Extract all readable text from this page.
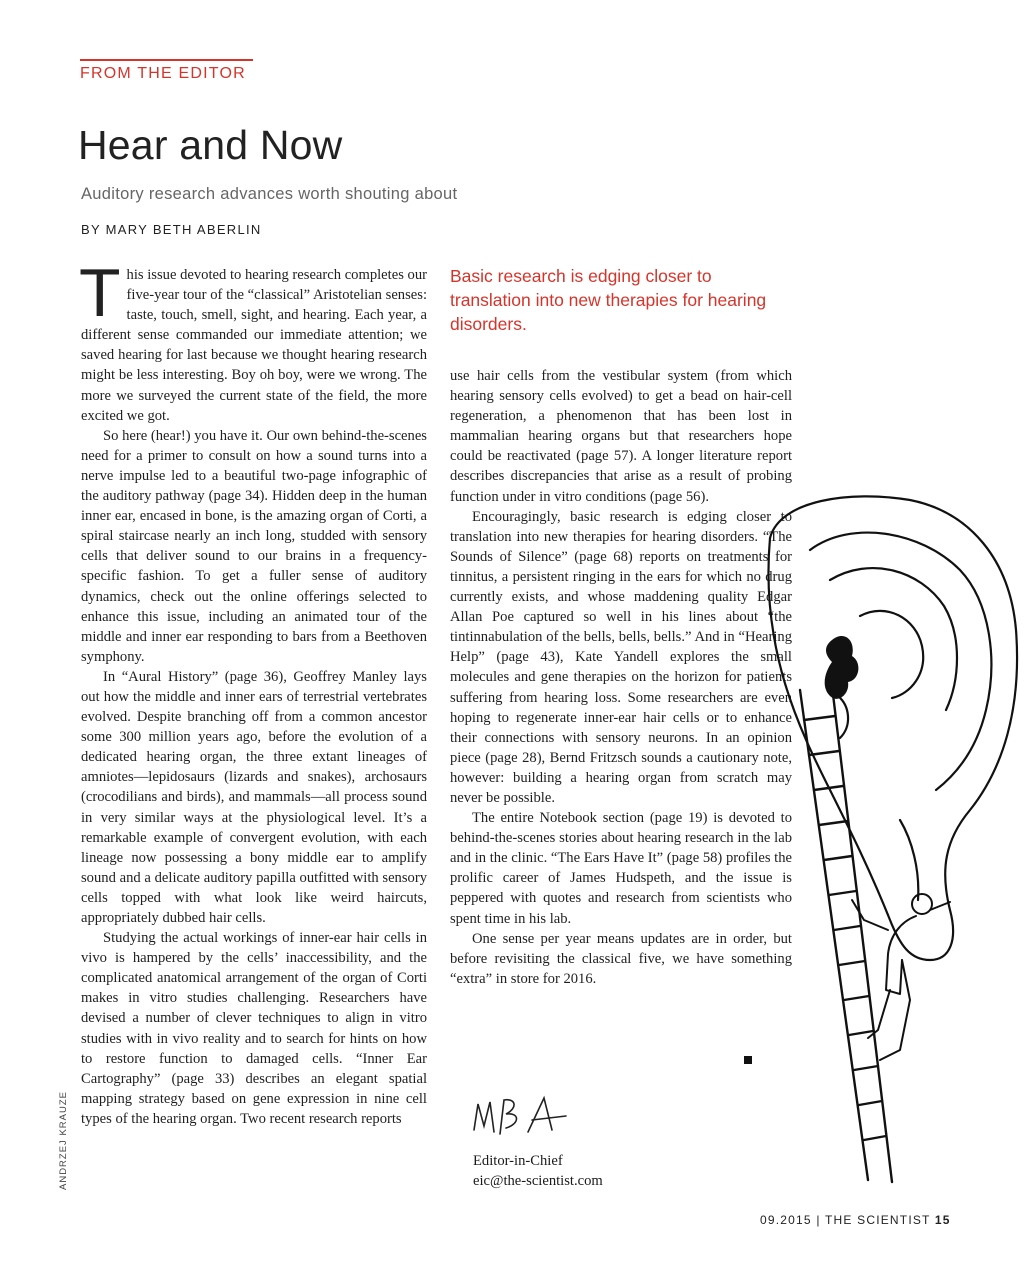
FROM THE EDITOR
Hear and Now
Auditory research advances worth shouting about
BY MARY BETH ABERLIN

This issue devoted to hearing research completes our five-year tour of the “classical” Aristotelian senses: taste, touch, smell, sight, and hearing. Each year, a different sense commanded our immediate attention; we saved hearing for last because we thought hearing research might be less interesting. Boy oh boy, were we wrong. The more we surveyed the current state of the field, the more excited we got.

So here (hear!) you have it. Our own behind-the-scenes need for a primer to consult on how a sound turns into a nerve impulse led to a beautiful two-page infographic of the auditory pathway (page 34). Hidden deep in the human inner ear, encased in bone, is the amazing organ of Corti, a spiral staircase nearly an inch long, studded with sensory cells that deliver sound to our brains in a frequency-specific fashion. To get a fuller sense of auditory dynamics, check out the online offerings selected to enhance this issue, including an animated tour of the middle and inner ear responding to bars from a Beethoven symphony.

In “Aural History” (page 36), Geoffrey Manley lays out how the middle and inner ears of terrestrial vertebrates evolved. Despite branching off from a common ancestor some 300 million years ago, before the evolution of a dedicated hearing organ, the three extant lineages of amniotes—lepidosaurs (lizards and snakes), archosaurs (crocodilians and birds), and mammals—all process sound in very similar ways at the physiological level. It’s a remarkable example of convergent evolution, with each lineage now possessing a bony middle ear to amplify sound and a delicate auditory papilla outfitted with sensory cells topped with what look like weird haircuts, appropriately dubbed hair cells.

Studying the actual workings of inner-ear hair cells in vivo is hampered by the cells’ inaccessibility, and the complicated anatomical arrangement of the organ of Corti makes in vitro studies challenging. Researchers have devised a number of clever techniques to align in vitro studies with in vivo reality and to search for hints on how to restore function to damaged cells. “Inner Ear Cartography” (page 33) describes an elegant spatial mapping strategy based on gene expression in nine cell types of the hearing organ. Two recent research reports

Basic research is edging closer to translation into new therapies for hearing disorders.

use hair cells from the vestibular system (from which hearing sensory cells evolved) to get a bead on hair-cell regeneration, a phenomenon that has been lost in mammalian hearing organs but that researchers hope could be reactivated (page 57). A longer literature report describes discrepancies that arise as a result of probing function under in vitro conditions (page 56).

Encouragingly, basic research is edging closer to translation into new therapies for hearing disorders. “The Sounds of Silence” (page 68) reports on treatments for tinnitus, a persistent ringing in the ears for which no drug currently exists, and whose maddening quality Edgar Allan Poe captured so well in his lines about “the tintinnabulation of the bells, bells, bells.” And in “Hearing Help” (page 43), Kate Yandell explores the small molecules and gene therapies on the horizon for patients suffering from hearing loss. Some researchers are even hoping to regenerate inner-ear hair cells or to enhance their connections with sensory neurons. In an opinion piece (page 28), Bernd Fritzsch sounds a cautionary note, however: building a hearing organ from scratch may never be possible.

The entire Notebook section (page 19) is devoted to behind-the-scenes stories about hearing research in the lab and in the clinic. “The Ears Have It” (page 58) profiles the prolific career of James Hudspeth, and the issue is peppered with quotes and research from scientists who spent time in his lab.

One sense per year means updates are in order, but before revisiting the classical five, we have something “extra” in store for 2016.

Editor-in-Chief
eic@the-scientist.com
ANDRZEJ KRAUZE
09.2015 | THE SCIENTIST 15
